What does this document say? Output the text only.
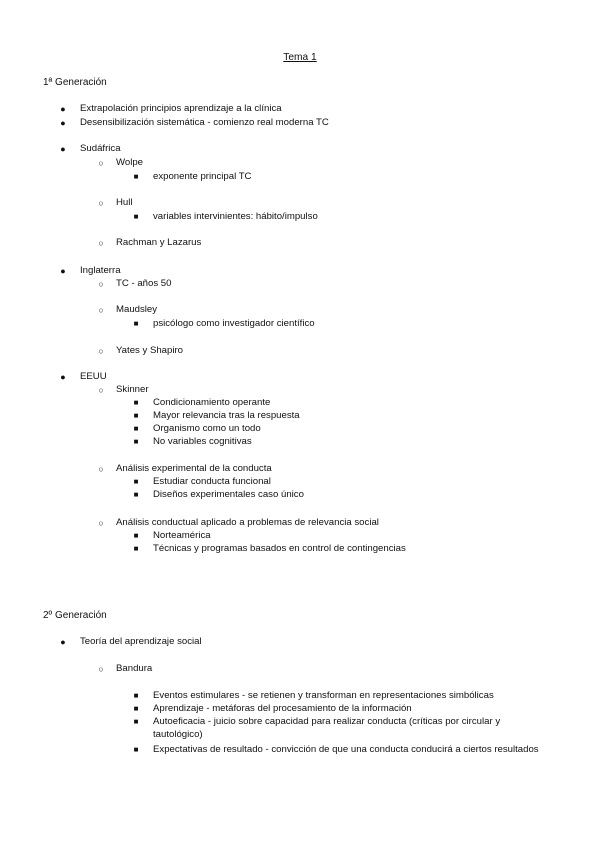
Tema 1
1ª Generación
●	Extrapolación principios aprendizaje a la clínica
●	Desensibilización sistemática - comienzo real moderna TC
●	Sudáfrica
○	Wolpe
■	exponente principal TC
○	Hull
■	variables intervinientes: hábito/impulso
○	Rachman y Lazarus
●	Inglaterra
○	TC - años 50
○	Maudsley
■	psicólogo como investigador científico
○	Yates y Shapiro
●	EEUU
○	Skinner
■	Condicionamiento operante
■	Mayor relevancia tras la respuesta
■	Organismo como un todo
■	No variables cognitivas
○	Análisis experimental de la conducta
■	Estudiar conducta funcional
■	Diseños experimentales caso único
○	Análisis conductual aplicado a problemas de relevancia social
■	Norteamérica
■	Técnicas y programas basados en control de contingencias
2º Generación
●	Teoría del aprendizaje social
○	Bandura
■	Eventos estimulares - se retienen y transforman en representaciones simbólicas
■	Aprendizaje - metáforas del procesamiento de la información
■	Autoeficacia - juicio sobre capacidad para realizar conducta (críticas por circular y
tautológico)
■	Expectativas de resultado - convicción de que una conducta conducirá a ciertos resultados
